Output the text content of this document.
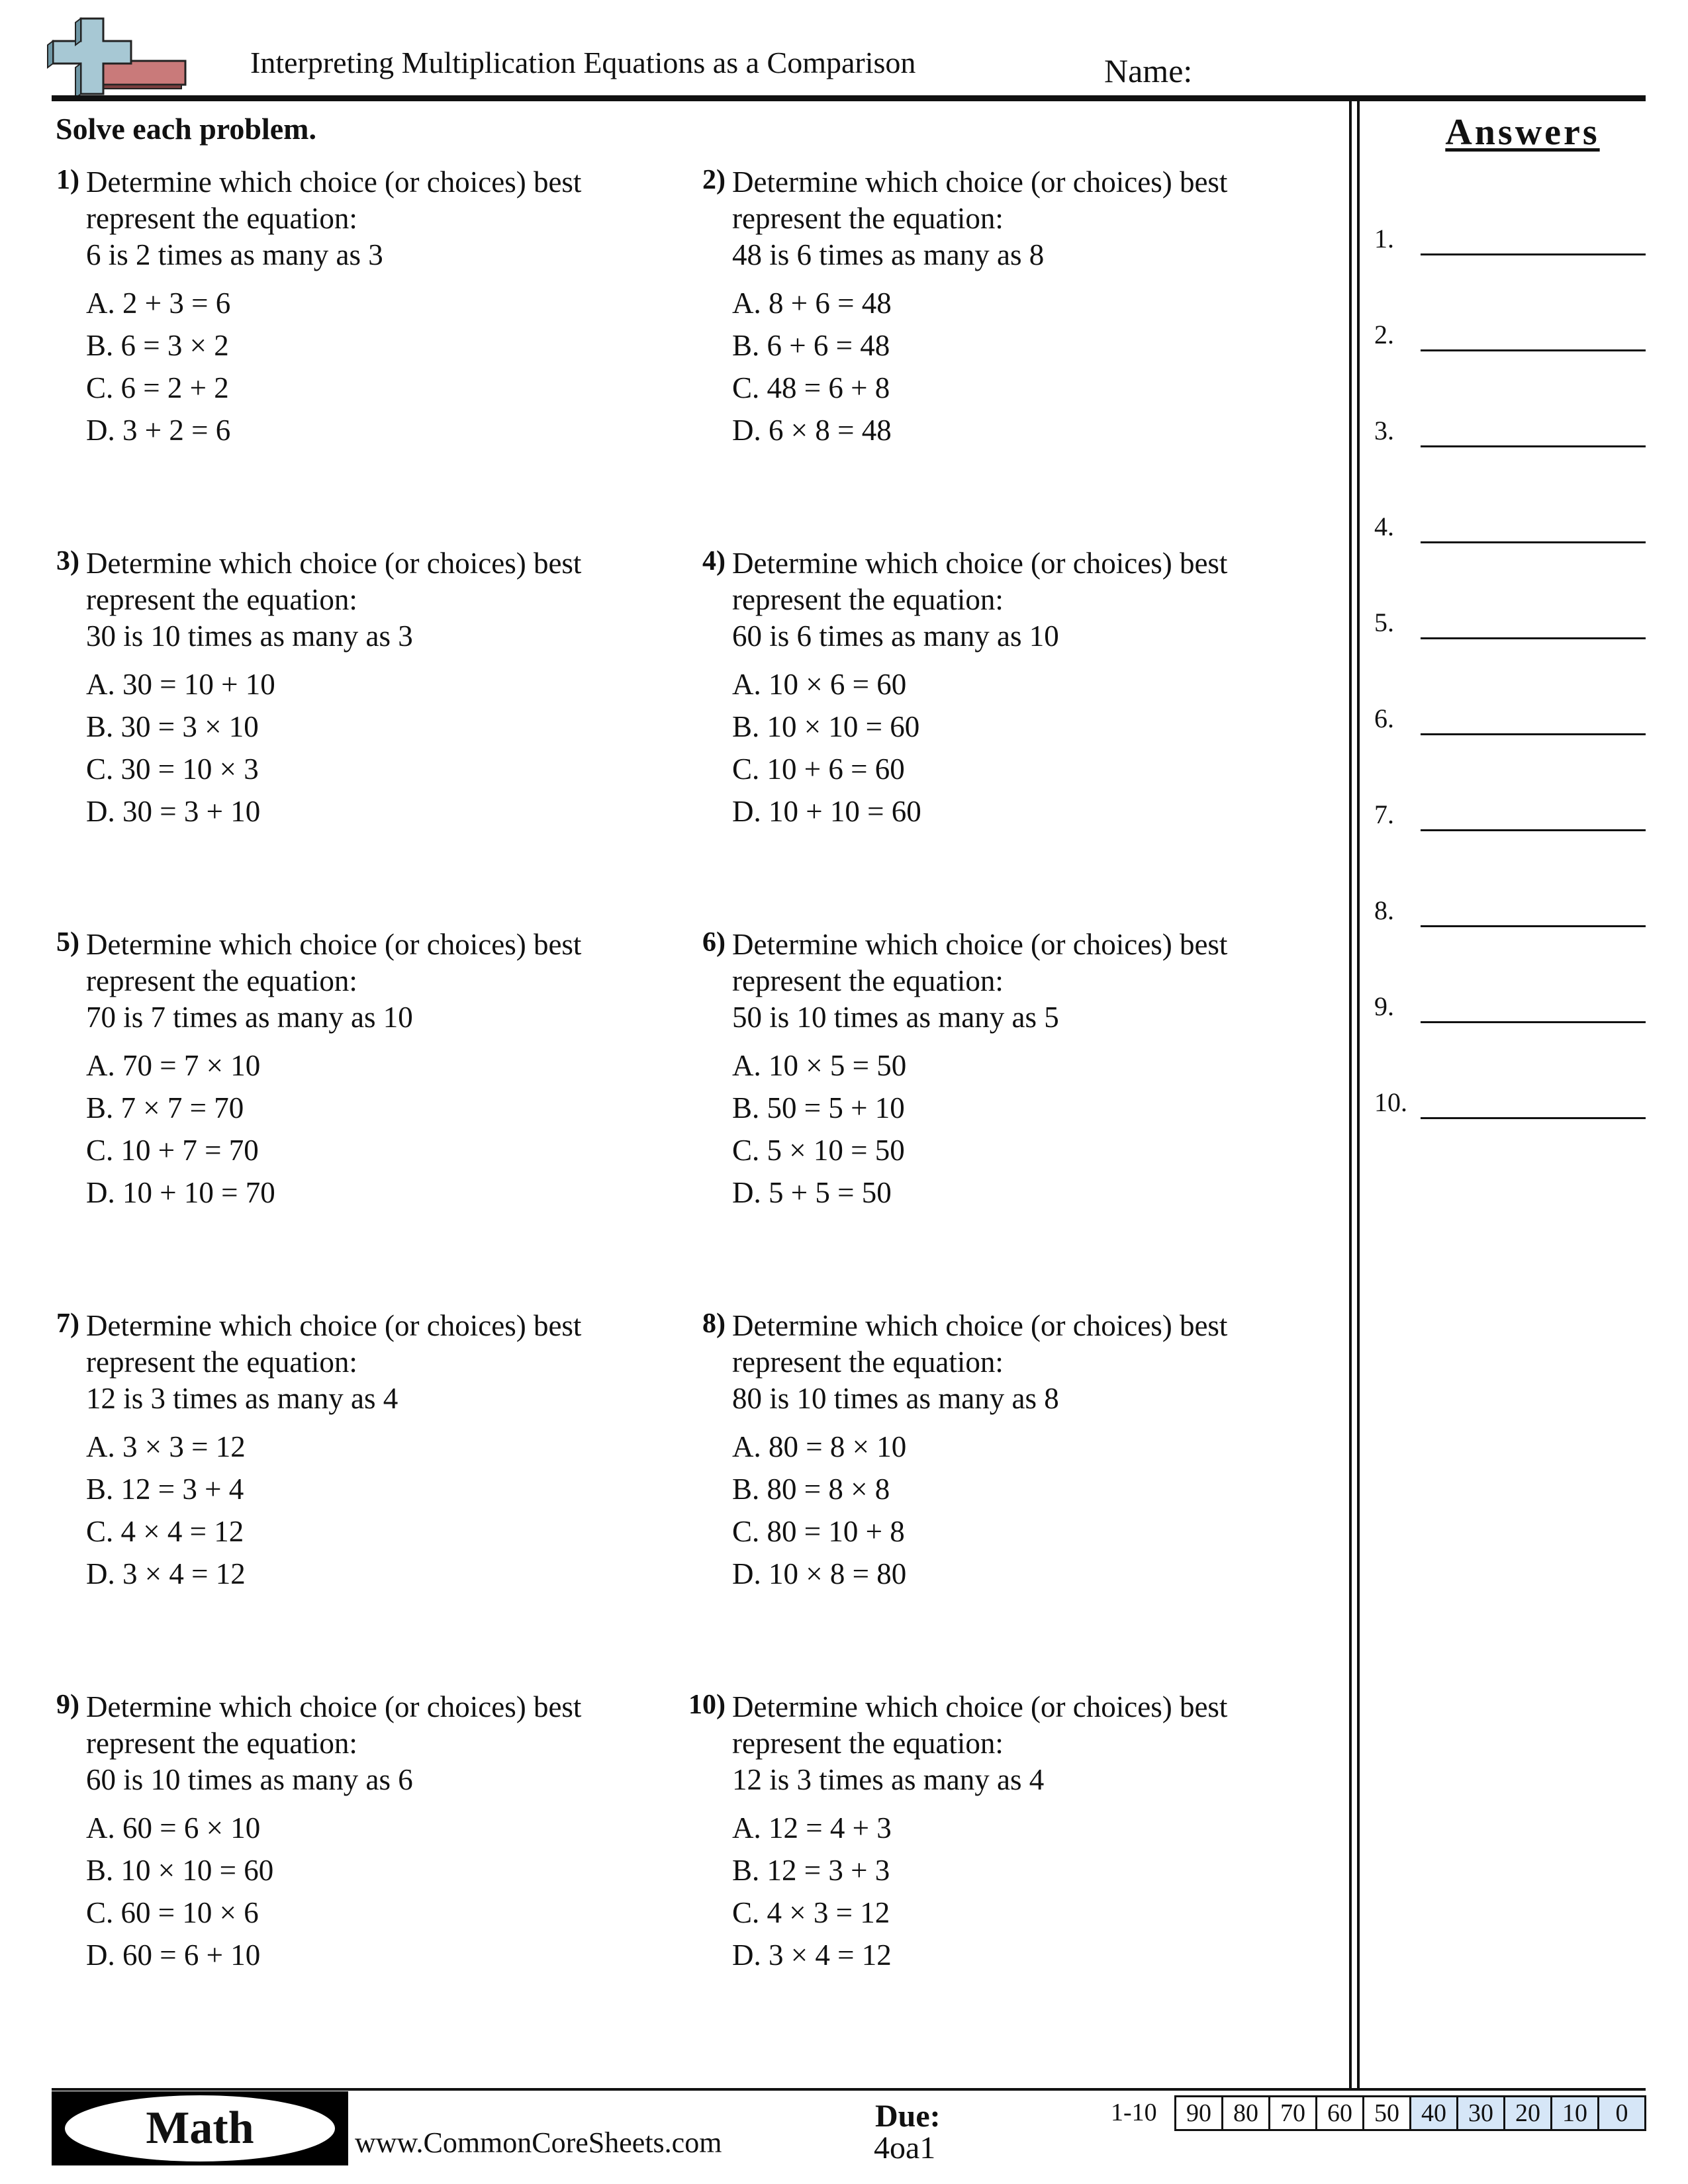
Interpreting Multiplication Equations as a Comparison	Name:
Solve each problem.
1) Determine which choice (or choices) best
represent the equation:
6 is 2 times as many as 3
A. 2 + 3 = 6
B. 6 = 3 × 2
C. 6 = 2 + 2
D. 3 + 2 = 6
2) Determine which choice (or choices) best
represent the equation:
48 is 6 times as many as 8
A. 8 + 6 = 48
B. 6 + 6 = 48
C. 48 = 6 + 8
D. 6 × 8 = 48
3) Determine which choice (or choices) best
represent the equation:
30 is 10 times as many as 3
A. 30 = 10 + 10
B. 30 = 3 × 10
C. 30 = 10 × 3
D. 30 = 3 + 10
4) Determine which choice (or choices) best
represent the equation:
60 is 6 times as many as 10
A. 10 × 6 = 60
B. 10 × 10 = 60
C. 10 + 6 = 60
D. 10 + 10 = 60
5) Determine which choice (or choices) best
represent the equation:
70 is 7 times as many as 10
A. 70 = 7 × 10
B. 7 × 7 = 70
C. 10 + 7 = 70
D. 10 + 10 = 70
6) Determine which choice (or choices) best
represent the equation:
50 is 10 times as many as 5
A. 10 × 5 = 50
B. 50 = 5 + 10
C. 5 × 10 = 50
D. 5 + 5 = 50
7) Determine which choice (or choices) best
represent the equation:
12 is 3 times as many as 4
A. 3 × 3 = 12
B. 12 = 3 + 4
C. 4 × 4 = 12
D. 3 × 4 = 12
8) Determine which choice (or choices) best
represent the equation:
80 is 10 times as many as 8
A. 80 = 8 × 10
B. 80 = 8 × 8
C. 80 = 10 + 8
D. 10 × 8 = 80
9) Determine which choice (or choices) best
represent the equation:
60 is 10 times as many as 6
A. 60 = 6 × 10
B. 10 × 10 = 60
C. 60 = 10 × 6
D. 60 = 6 + 10
10) Determine which choice (or choices) best
represent the equation:
12 is 3 times as many as 4
A. 12 = 4 + 3
B. 12 = 3 + 3
C. 4 × 3 = 12
D. 3 × 4 = 12
Answers
1.
2.
3.
4.
5.
6.
7.
8.
9.
10.
Math	www.CommonCoreSheets.com
Due:
4oa1
1-10 90	80	70	60	50	40	30	20	10	0
